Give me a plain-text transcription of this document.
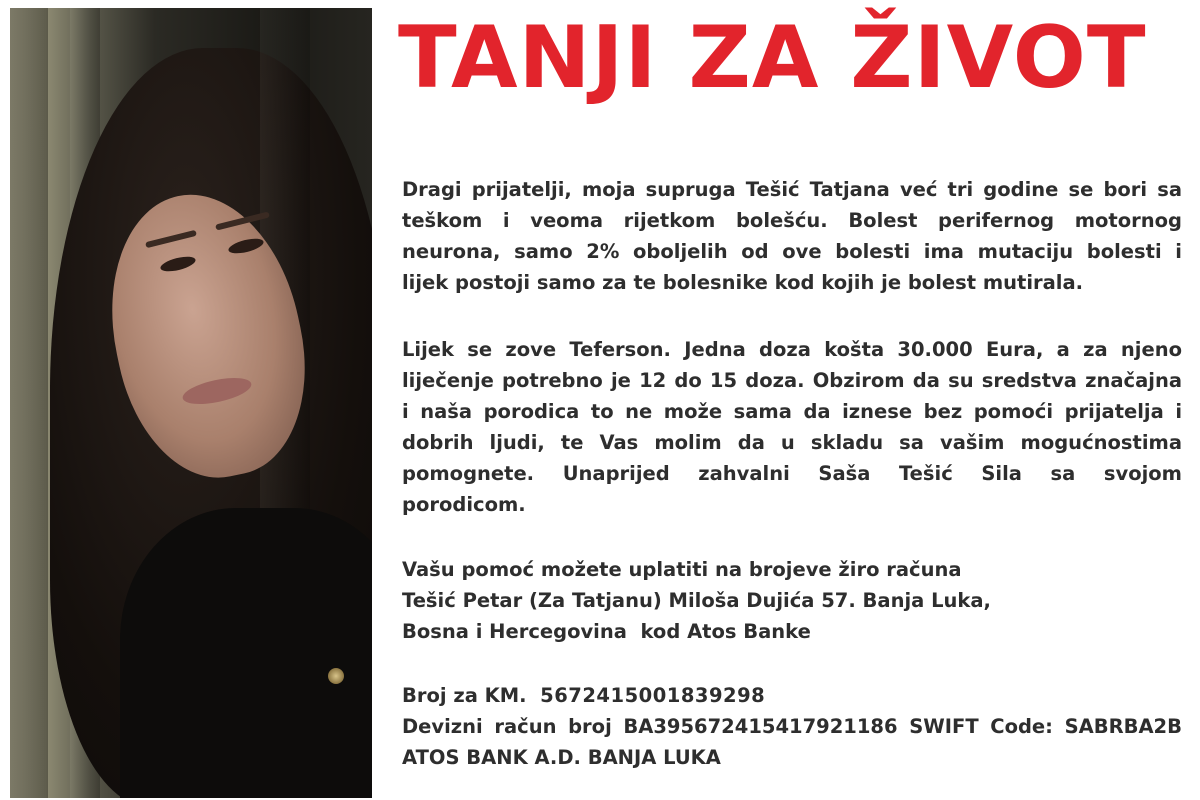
TANJI ZA ŽIVOT
Dragi prijatelji, moja supruga Tešić Tatjana već tri godine se bori sa
teškom i veoma rijetkom bolešću. Bolest perifernog motornog
neurona, samo 2% oboljelih od ove bolesti ima mutaciju bolesti i
lijek postoji samo za te bolesnike kod kojih je bolest mutirala.
Lijek se zove Teferson. Jedna doza košta 30.000 Eura, a za njeno
liječenje potrebno je 12 do 15 doza. Obzirom da su sredstva značajna
i naša porodica to ne može sama da iznese bez pomoći prijatelja i
dobrih ljudi, te Vas molim da u skladu sa vašim mogućnostima
pomognete. Unaprijed zahvalni Saša Tešić Sila sa svojom
porodicom.
Vašu pomoć možete uplatiti na brojeve žiro računa
Tešić Petar (Za Tatjanu) Miloša Dujića 57. Banja Luka,
Bosna i Hercegovina  kod Atos Banke
Broj za KM. 5672415001839298
Devizni račun broj BA395672415417921186 SWIFT Code: SABRBA2B
ATOS BANK A.D. BANJA LUKA
